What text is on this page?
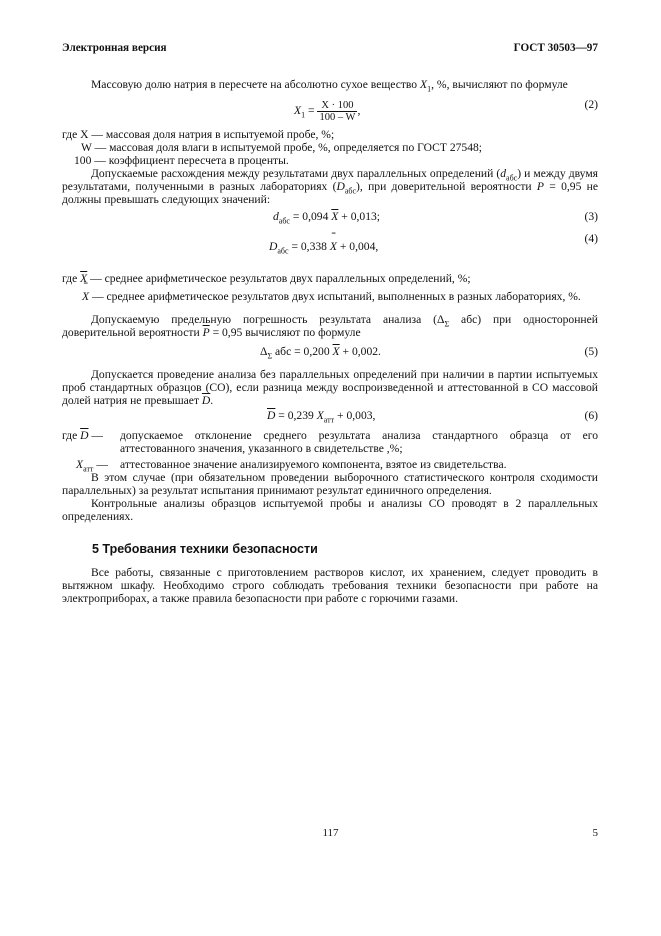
Электронная версия	ГОСТ 30503—97
Массовую долю натрия в пересчете на абсолютно сухое вещество $X_1$, %, вычисляют по формуле
$X_1 = \frac{X \cdot 100}{100 - W}$ ,	(2)
где X — массовая доля натрия в испытуемой пробе, %;
W — массовая доля влаги в испытуемой пробе, %, определяется по ГОСТ 27548;
100 — коэффициент пересчета в проценты.
Допускаемые расхождения между результатами двух параллельных определений $(d_{абс})$ и между двумя результатами, полученными в разных лабораториях $(D_{абс})$, при доверительной вероятности P = 0,95 не должны превышать следующих значений:
$d_{абс} = 0,094$ $\overline{X} + 0,013$;	(3)
$D_{абс} = 0,338 = X + 0,004$,
(4)
где $\overline{X}$ — среднее арифметическое результатов двух параллельных определений, %;
= X — среднее арифметическое результатов двух испытаний, выполненных в разных лабораториях, %.
Допускаемую предельную погрешность результата анализа ($\Delta_\Sigma$ абс) при односторонней доверительной вероятности $\overline{P} = 0,95$ вычисляют по формуле
$\Delta_\Sigma$ абс = 0,200 $\overline{X} + 0,002$.	(5)
Допускается проведение анализа без параллельных определений при наличии в партии испытуемых проб стандартных образцов (СО), если разница между воспроизведенной и аттестованной в СО массовой долей натрия не превышает $\overline{D}$.
$\overline{D} = 0,239$ $X_{атт} + 0,003$,	(6)
где $\overline{D}$ — допускаемое отклонение среднего результата анализа стандартного образца от его аттестованного значения, указанного в свидетельстве ,%;
$X_{атт}$ — аттестованное значение анализируемого компонента, взятое из свидетельства.
В этом случае (при обязательном проведении выборочного статистического контроля сходимости параллельных) за результат испытания принимают результат единичного определения.
Контрольные анализы образцов испытуемой пробы и анализы СО проводят в 2 параллельных определениях.
5 Требования техники безопасности
Все работы, связанные с приготовлением растворов кислот, их хранением, следует проводить в вытяжном шкафу. Необходимо строго соблюдать требования техники безопасности при работе на электроприборах, а также правила безопасности при работе с горючими газами.
117	5
